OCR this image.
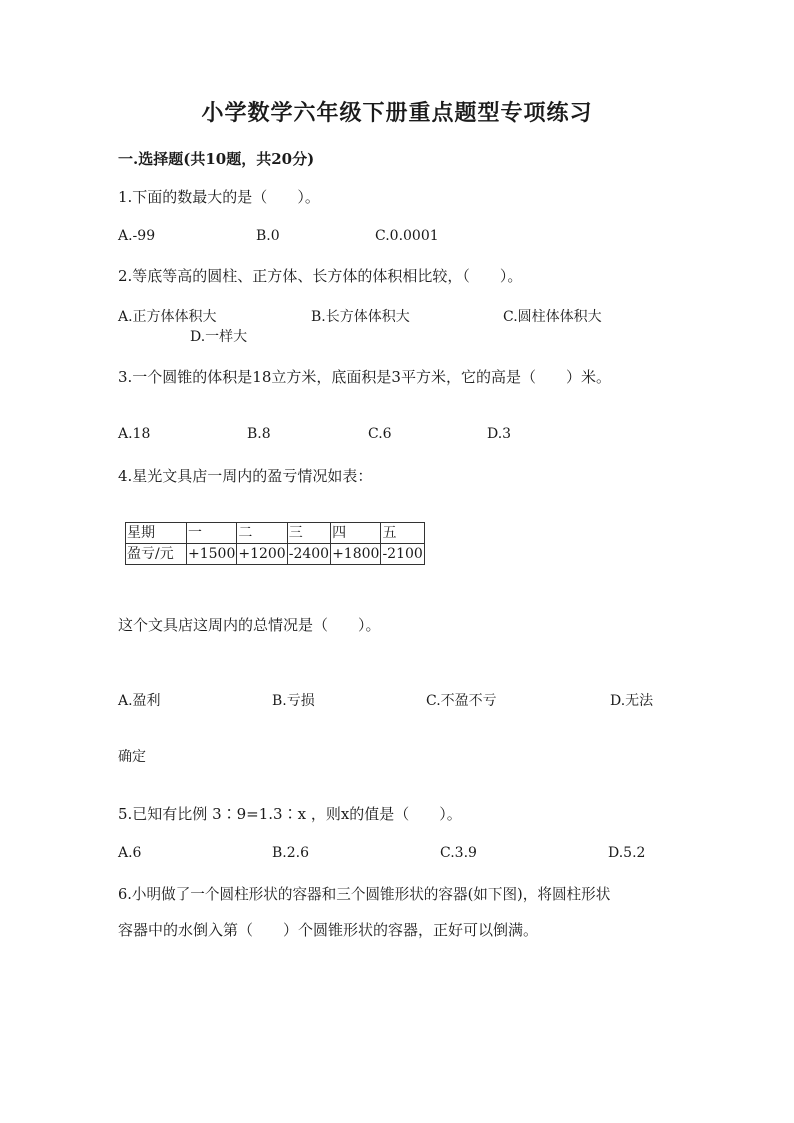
小学数学六年级下册重点题型专项练习
一.选择题(共10题，共20分)
1.下面的数最大的是（　　）。
A.-99	B.0	C.0.0001
2.等底等高的圆柱、正方体、长方体的体积相比较，（　　）。
A.正方体体积大	B.长方体体积大	C.圆柱体体积大
D.一样大
3.一个圆锥的体积是18立方米，底面积是3平方米，它的高是（　　）米。
A.18	B.8	C.6	D.3
4.星光文具店一周内的盈亏情况如表：
星期	一	二	三	四	五
盈亏/元	+1500	+1200	-2400	+1800	-2100
这个文具店这周内的总情况是（　　）。
A.盈利	B.亏损	C.不盈不亏	D.无法
确定
5.已知有比例 3∶9=1.3∶x ，则x的值是（　　）。
A.6	B.2.6	C.3.9	D.5.2
6.小明做了一个圆柱形状的容器和三个圆锥形状的容器(如下图)，将圆柱形状
容器中的水倒入第（　　）个圆锥形状的容器，正好可以倒满。
